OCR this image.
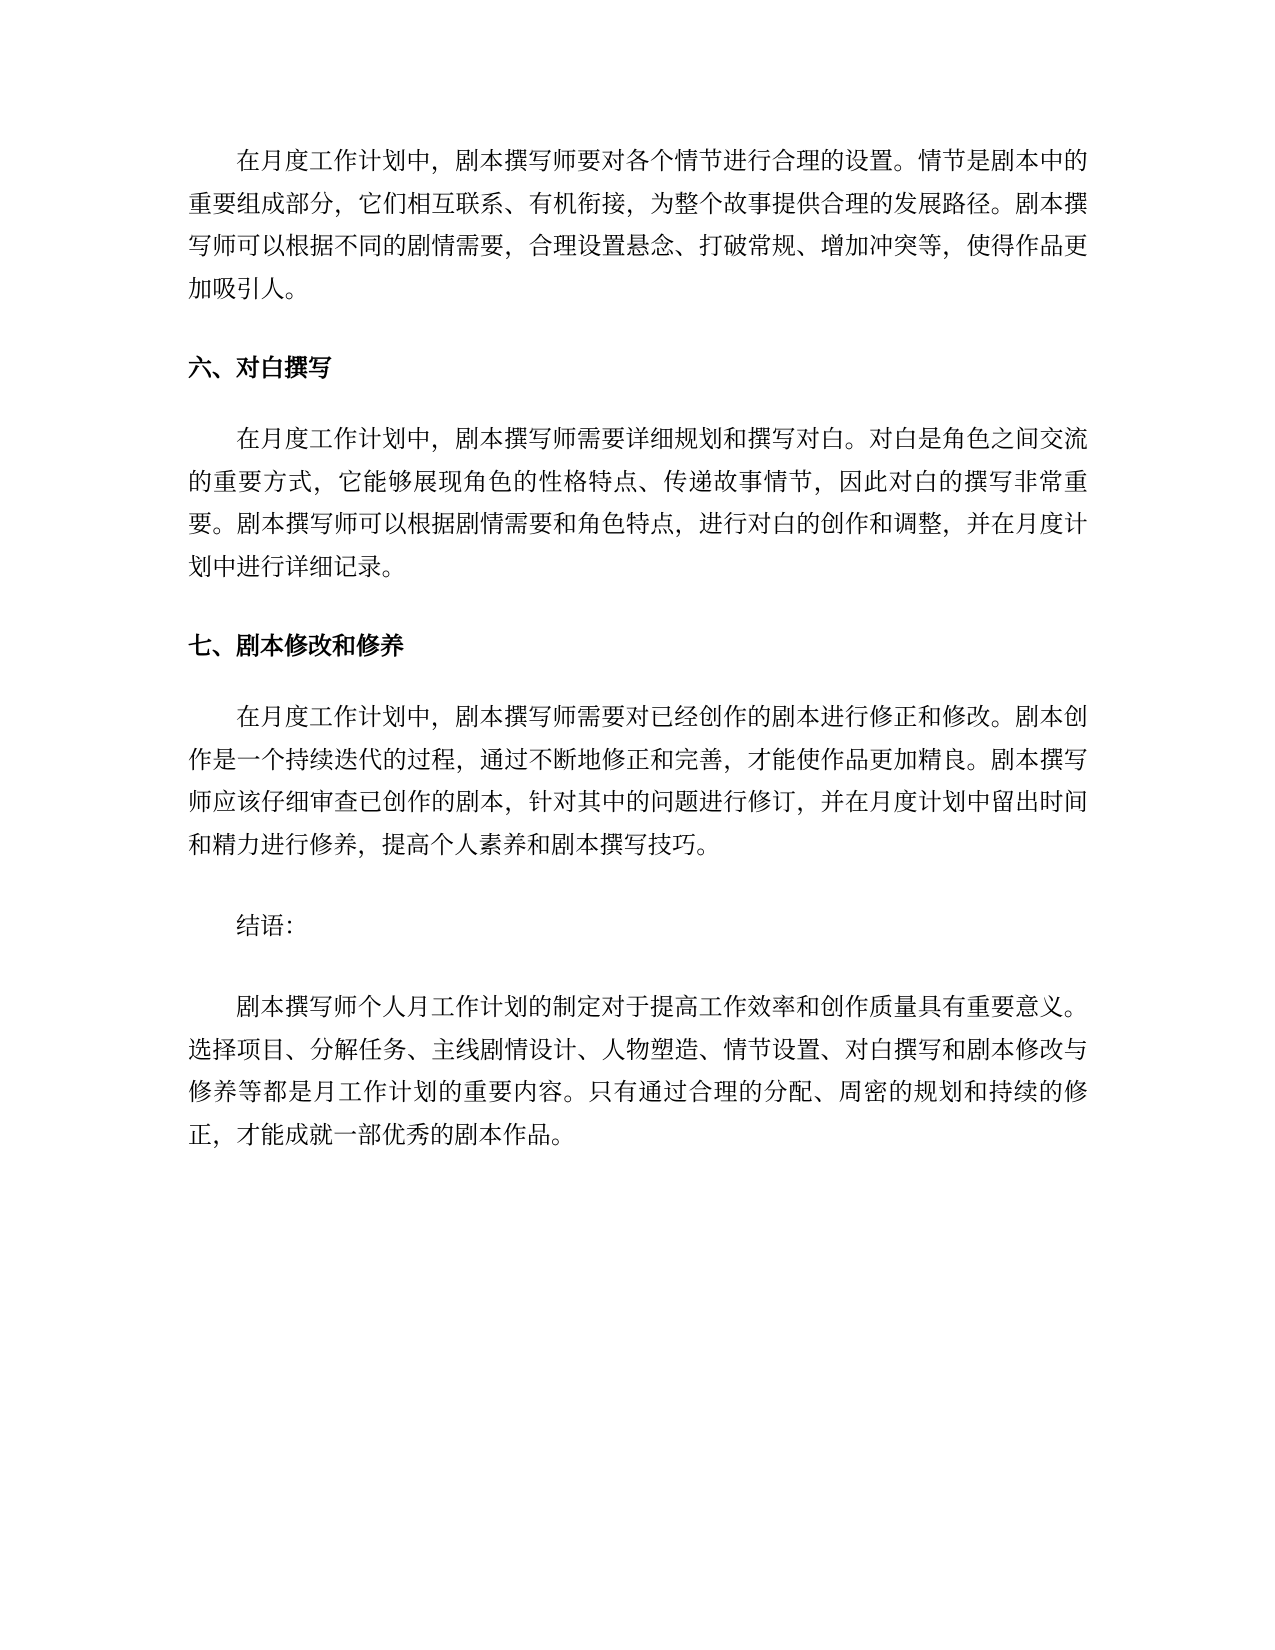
在月度工作计划中，剧本撰写师要对各个情节进行合理的设置。情节是剧本中的重要组成部分，它们相互联系、有机衔接，为整个故事提供合理的发展路径。剧本撰写师可以根据不同的剧情需要，合理设置悬念、打破常规、增加冲突等，使得作品更加吸引人。

六、对白撰写

在月度工作计划中，剧本撰写师需要详细规划和撰写对白。对白是角色之间交流的重要方式，它能够展现角色的性格特点、传递故事情节，因此对白的撰写非常重要。剧本撰写师可以根据剧情需要和角色特点，进行对白的创作和调整，并在月度计划中进行详细记录。

七、剧本修改和修养

在月度工作计划中，剧本撰写师需要对已经创作的剧本进行修正和修改。剧本创作是一个持续迭代的过程，通过不断地修正和完善，才能使作品更加精良。剧本撰写师应该仔细审查已创作的剧本，针对其中的问题进行修订，并在月度计划中留出时间和精力进行修养，提高个人素养和剧本撰写技巧。

结语：

剧本撰写师个人月工作计划的制定对于提高工作效率和创作质量具有重要意义。选择项目、分解任务、主线剧情设计、人物塑造、情节设置、对白撰写和剧本修改与修养等都是月工作计划的重要内容。只有通过合理的分配、周密的规划和持续的修正，才能成就一部优秀的剧本作品。
